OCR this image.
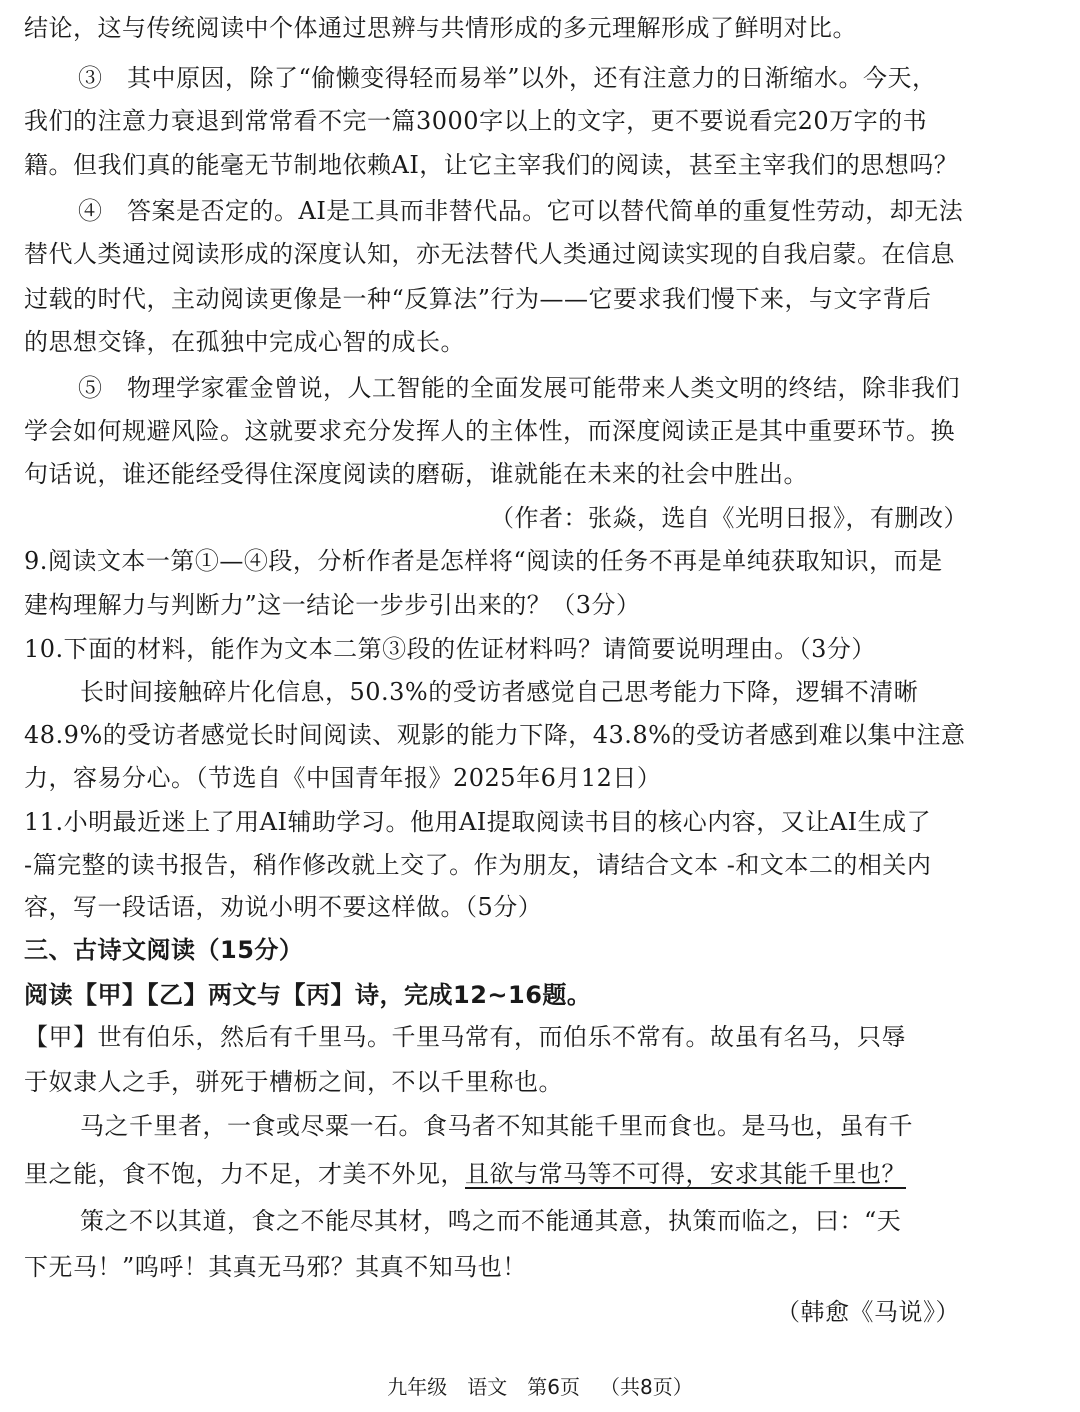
结论，这与传统阅读中个体通过思辨与共情形成的多元理解形成了鲜明对比。
③　其中原因，除了“偷懒变得轻而易举”以外，还有注意力的日渐缩水。今天，
我们的注意力衰退到常常看不完一篇3000字以上的文字，更不要说看完20万字的书
籍。但我们真的能毫无节制地依赖AI，让它主宰我们的阅读，甚至主宰我们的思想吗？
④　答案是否定的。AI是工具而非替代品。它可以替代简单的重复性劳动，却无法
替代人类通过阅读形成的深度认知，亦无法替代人类通过阅读实现的自我启蒙。在信息
过载的时代，主动阅读更像是一种“反算法”行为——它要求我们慢下来，与文字背后
的思想交锋，在孤独中完成心智的成长。
⑤　物理学家霍金曾说，人工智能的全面发展可能带来人类文明的终结，除非我们
学会如何规避风险。这就要求充分发挥人的主体性，而深度阅读正是其中重要环节。换
句话说，谁还能经受得住深度阅读的磨砺，谁就能在未来的社会中胜出。
（作者：张焱，选自《光明日报》，有删改）
9.阅读文本一第①—④段，分析作者是怎样将“阅读的任务不再是单纯获取知识，而是
建构理解力与判断力”这一结论一步步引出来的？（3分）
10.下面的材料，能作为文本二第③段的佐证材料吗？请简要说明理由。（3分）
长时间接触碎片化信息，50.3%的受访者感觉自己思考能力下降，逻辑不清晰
48.9%的受访者感觉长时间阅读、观影的能力下降，43.8%的受访者感到难以集中注意
力，容易分心。（节选自《中国青年报》2025年6月12日）
11.小明最近迷上了用AI辅助学习。他用AI提取阅读书目的核心内容，又让AI生成了
-篇完整的读书报告，稍作修改就上交了。作为朋友，请结合文本 -和文本二的相关内
容，写一段话语，劝说小明不要这样做。（5分）
三、古诗文阅读（15分）
阅读【甲】【乙】两文与【丙】诗，完成12~16题。
【甲】世有伯乐，然后有千里马。千里马常有，而伯乐不常有。故虽有名马，只辱
于奴隶人之手，骈死于槽枥之间，不以千里称也。
马之千里者，一食或尽粟一石。食马者不知其能千里而食也。是马也，虽有千
里之能，食不饱，力不足，才美不外见，且欲与常马等不可得，安求其能千里也？
策之不以其道，食之不能尽其材，鸣之而不能通其意，执策而临之，曰：“天
下无马！”呜呼！其真无马邪？其真不知马也！
（韩愈《马说》）
九年级 语文 第6页 （共8页）
